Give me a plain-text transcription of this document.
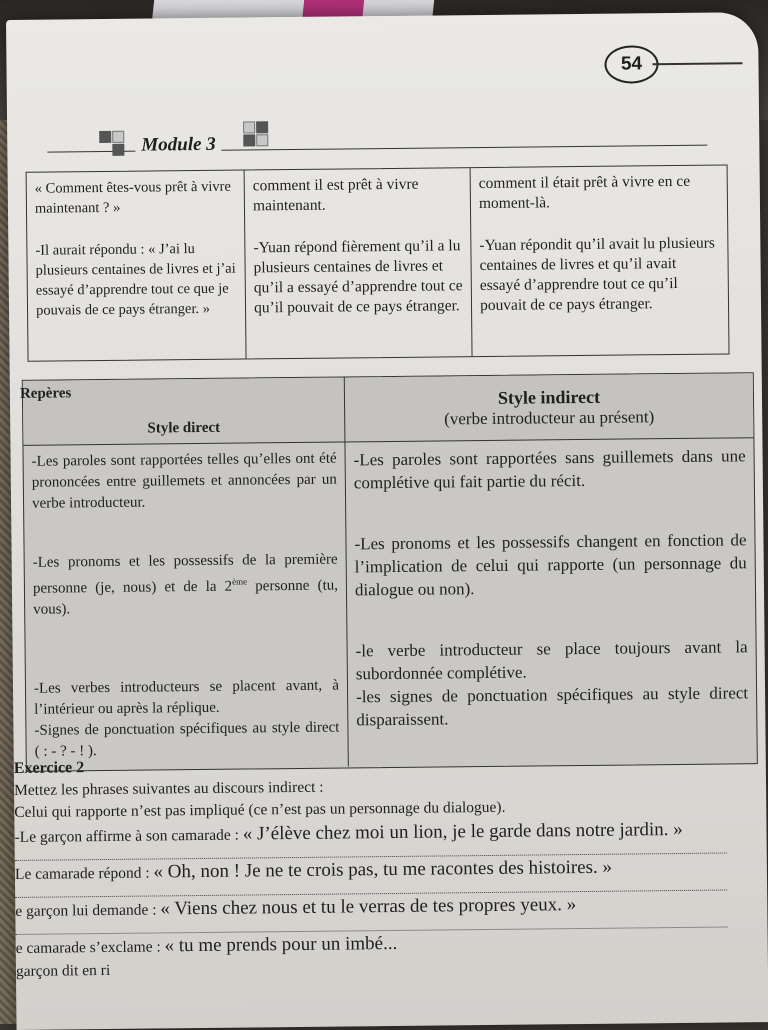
54
Module 3
« Comment êtes-vous prêt à vivre maintenant ? »
-Il aurait répondu : « J’ai lu plusieurs centaines de livres et j’ai essayé d’apprendre tout ce que je pouvais de ce pays étranger. »
comment il est prêt à vivre maintenant.
-Yuan répond fièrement qu’il a lu plusieurs centaines de livres et qu’il a essayé d’apprendre tout ce qu’il pouvait de ce pays étranger.
comment il était prêt à vivre en ce moment-là.
-Yuan répondit qu’il avait lu plusieurs centaines de livres et qu’il avait essayé d’apprendre tout ce qu’il pouvait de ce pays étranger.
Style direct
Style indirect
(verbe introducteur au présent)

-Les paroles sont rapportées telles qu’elles ont été prononcées entre guillemets et annoncées par un verbe introducteur.

-Les pronoms et les possessifs de la première personne (je, nous) et de la 2ème personne (tu, vous).

-Les verbes introducteurs se placent avant, à l’intérieur ou après la réplique.

-Signes de ponctuation spécifiques au style direct ( : - ? - ! ).

-Les paroles sont rapportées sans guillemets dans une complétive qui fait partie du récit.

-Les pronoms et les possessifs changent en fonction de l’implication de celui qui rapporte (un personnage du dialogue ou non).

-le verbe introducteur se place toujours avant la subordonnée complétive.

-les signes de ponctuation spécifiques au style direct disparaissent.

Repères
Exercice 2
Mettez les phrases suivantes au discours indirect :
Celui qui rapporte n’est pas impliqué (ce n’est pas un personnage du dialogue).
-Le garçon affirme à son camarade : « J’élève chez moi un lion, je le garde dans notre jardin. »
Le camarade répond : « Oh, non ! Je ne te crois pas, tu me racontes des histoires. »
e garçon lui demande : « Viens chez nous et tu le verras de tes propres yeux. »
e camarade s’exclame : « tu me prends pour un imbé...
garçon dit en ri
